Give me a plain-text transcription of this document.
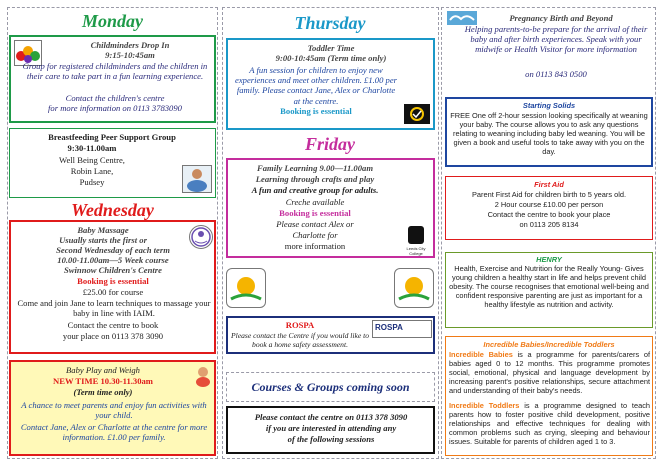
Monday
Childminders Drop In
9:15-10:45am
Group for registered childminders and the children in their care to take part in a fun learning experience.
Contact the children's centre
for more information on 0113 3783090
Breastfeeding Peer Support Group
9:30-11.00am
Well Being Centre,
Robin Lane,
Pudsey
Wednesday
Baby Massage
Usually starts the first or
Second Wednesday of each term
10.00-11.00am—5 Week course
Swinnow Children's Centre
Booking is essential
£25.00 for course
Come and join Jane to learn techniques to massage your baby in line with IAIM.
Contact the centre to book
your place on 0113 378 3090
Baby Play and Weigh
NEW TIME 10.30-11.30am
(Term time only)
A chance to meet parents and enjoy fun activities with your child.
Contact Jane, Alex or Charlotte at the centre for more information. £1.00 per family.
Thursday
Toddler Time
9:00-10:45am (Term time only)
A fun session for children to enjoy new experiences and meet other children. £1.00 per family. Please contact Jane, Alex or Charlotte at the centre.
Booking is essential
Friday
Family Learning 9.00—11.00am
Learning through crafts and play
A fun and creative group for adults.
Creche available
Booking is essential
Please contact Alex or
Charlotte for
more information	Leeds City College
ROSPA
Please contact the Centre if you would like to book a home safety assessment.
ROSPA
Courses & Groups coming soon
Please contact the centre on 0113 378 3090
if you are interested in attending any
of the following sessions
Pregnancy Birth and Beyond
Helping parents-to-be prepare for the arrival of their baby and after birth experiences. Speak with your midwife or Health Visitor for more information
on 0113 843 0500
Starting Solids
FREE One off 2-hour session looking specifically at weaning your baby. The course allows you to ask any questions relating to weaning including baby led weaning. You will be given a book and useful tools to take away with you on the day.
First Aid
Parent First Aid for children birth to 5 years old.
2 Hour course £10.00 per person
Contact the centre to book your place
on 0113 205 8134
HENRY
Health, Exercise and Nutrition for the Really Young- Gives young children a healthy start in life and helps prevent child obesity. The course recognises that emotional well-being and confident responsive parenting are just as important for a healthy lifestyle as nutrition and activity.
Incredible Babies/Incredible Toddlers
Incredible Babies is a programme for parents/carers of babies aged 0 to 12 months. This programme promotes social, emotional, physical and language development by increasing parent's positive relationships, secure attachment and understanding of their baby's needs.
Incredible Toddlers is a programme designed to teach parents how to foster positive child development, positive relationships and effective techniques for dealing with common problems such as crying, sleeping and behaviour issues. Suitable for parents of children aged 1 to 3.
